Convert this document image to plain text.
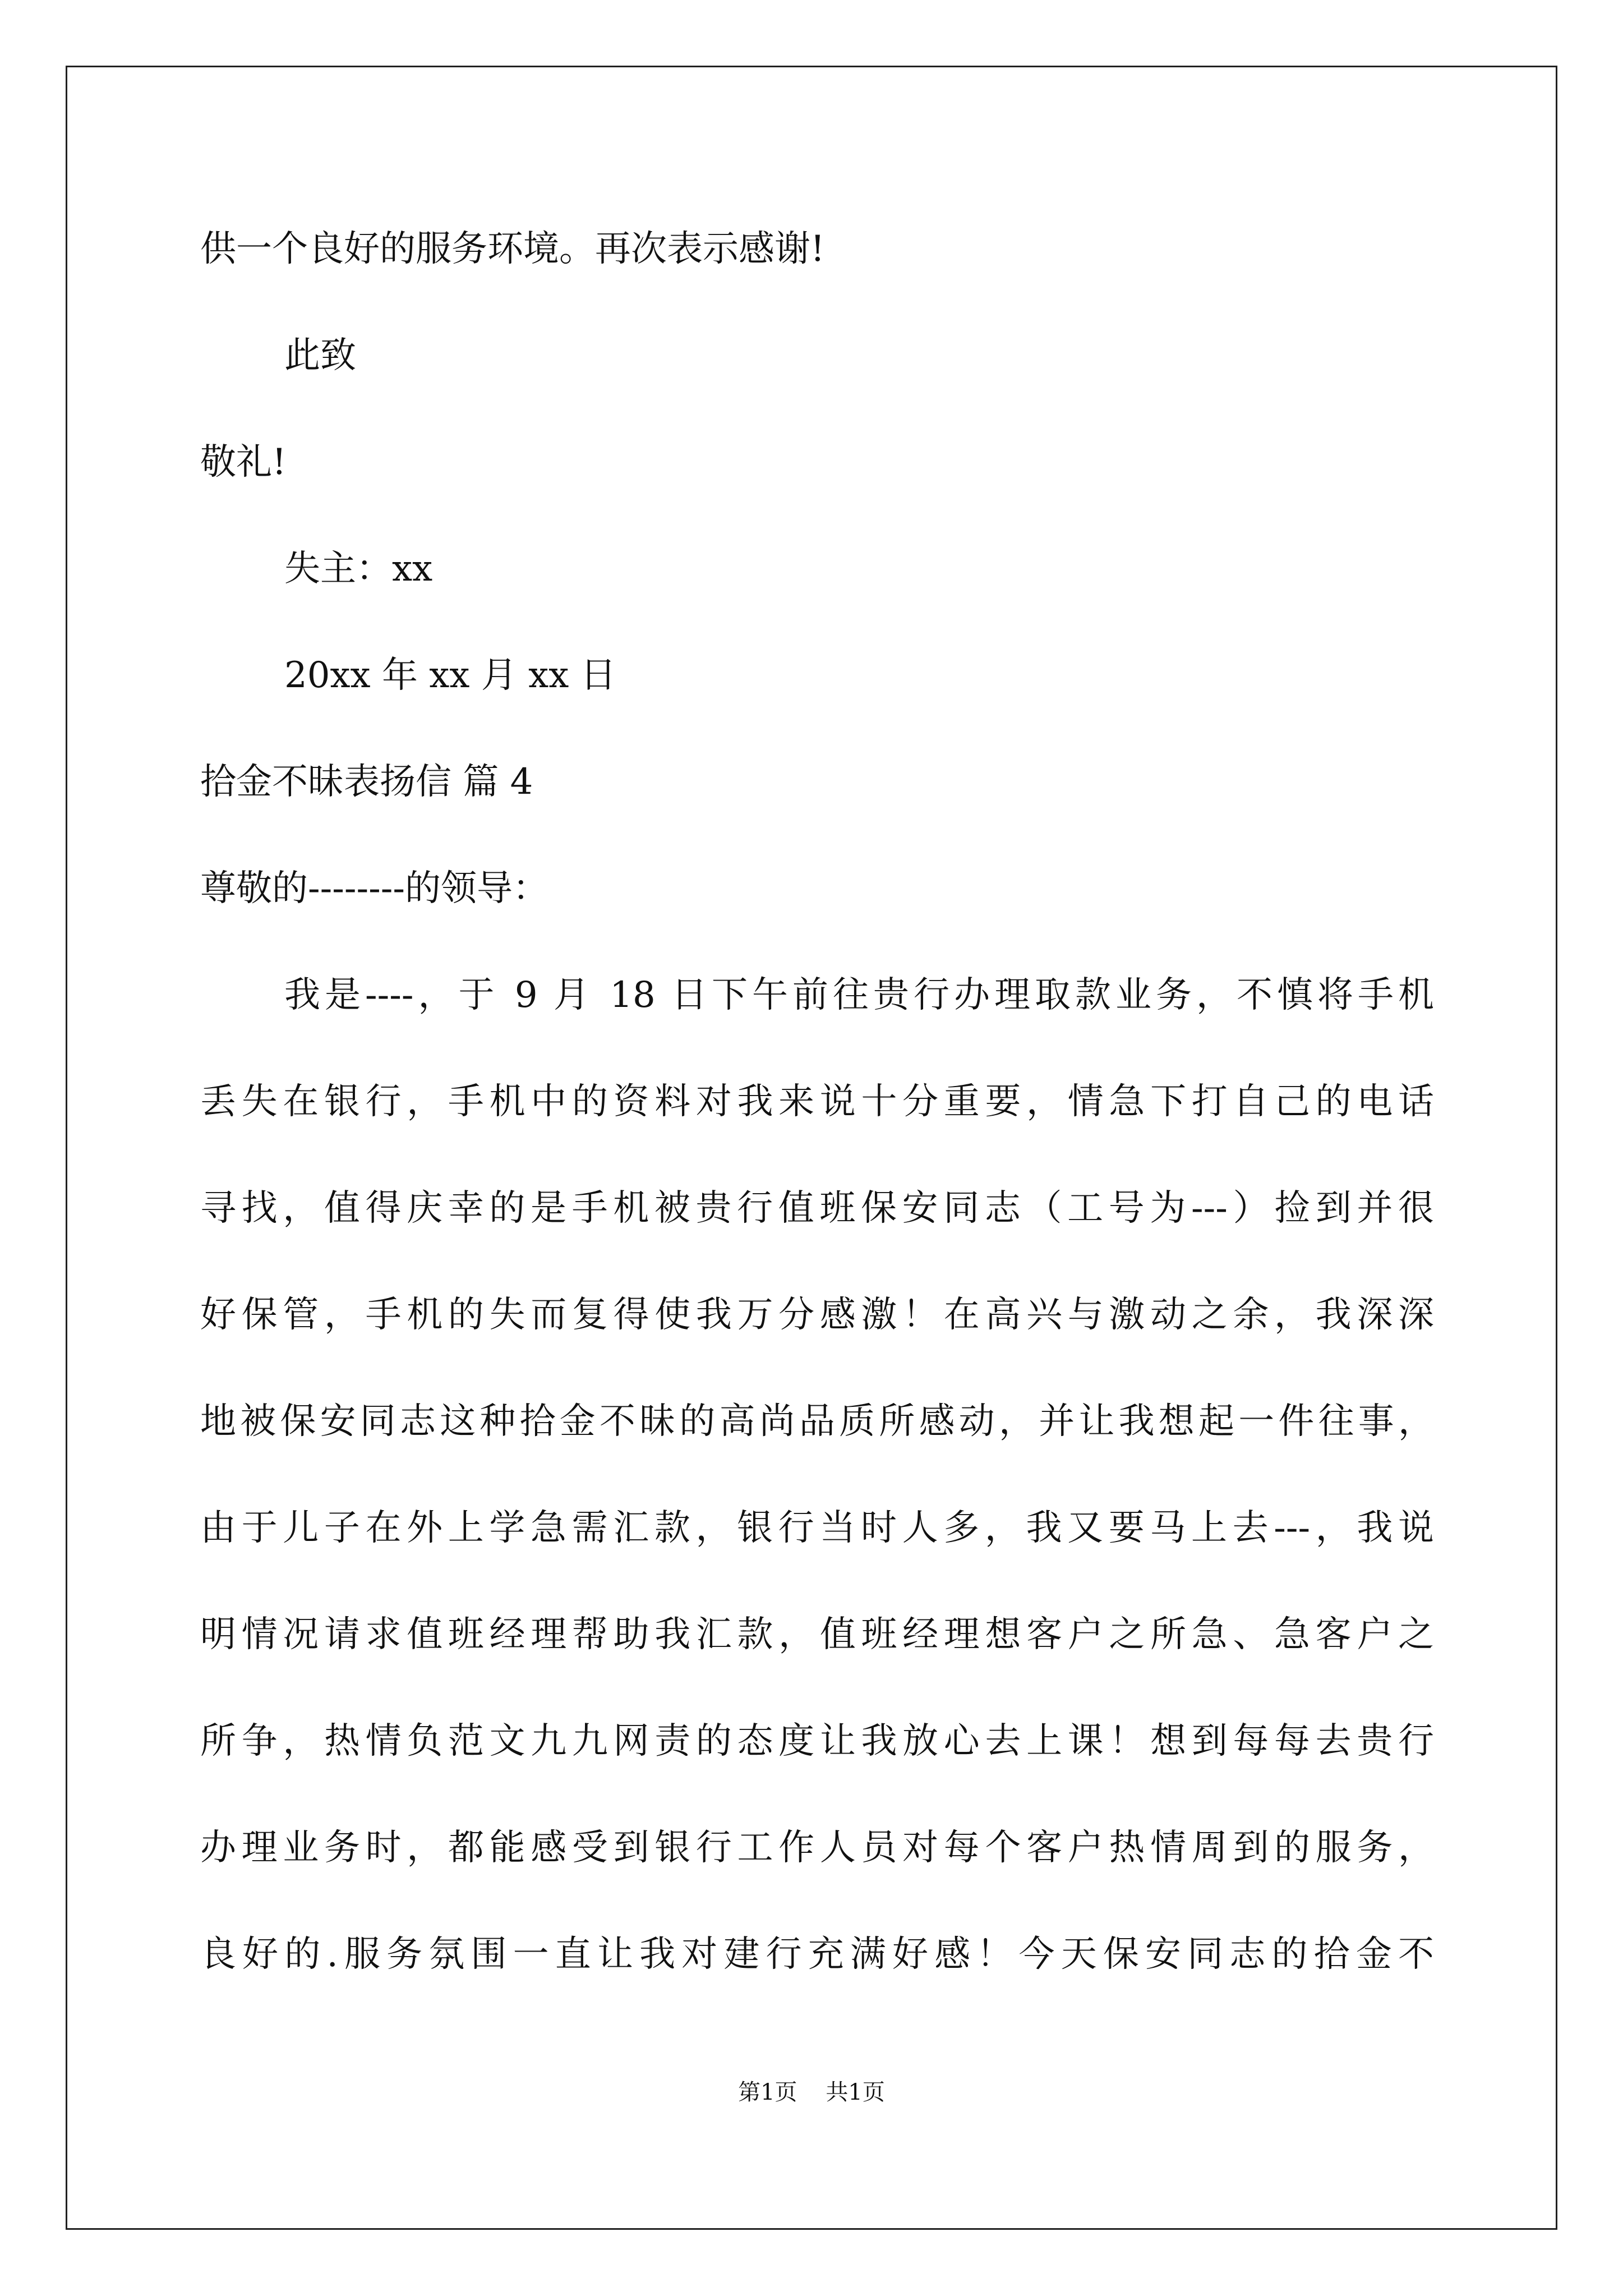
供一个良好的服务环境。再次表示感谢!
此致
敬礼!
失主：xx
20xx 年 xx 月 xx 日
拾金不昧表扬信 篇 4
尊敬的--------的领导：
我是----，于 9 月 18 日下午前往贵行办理取款业务，不慎将手机
丢失在银行，手机中的资料对我来说十分重要，情急下打自己的电话
寻找，值得庆幸的是手机被贵行值班保安同志（工号为---）捡到并很
好保管，手机的失而复得使我万分感激！在高兴与激动之余，我深深
地被保安同志这种拾金不昧的高尚品质所感动，并让我想起一件往事，
由于儿子在外上学急需汇款，银行当时人多，我又要马上去---，我说
明情况请求值班经理帮助我汇款，值班经理想客户之所急、急客户之
所争，热情负范文九九网责的态度让我放心去上课！想到每每去贵行
办理业务时，都能感受到银行工作人员对每个客户热情周到的服务，
良好的.服务氛围一直让我对建行充满好感！今天保安同志的拾金不
第1页    共1页
